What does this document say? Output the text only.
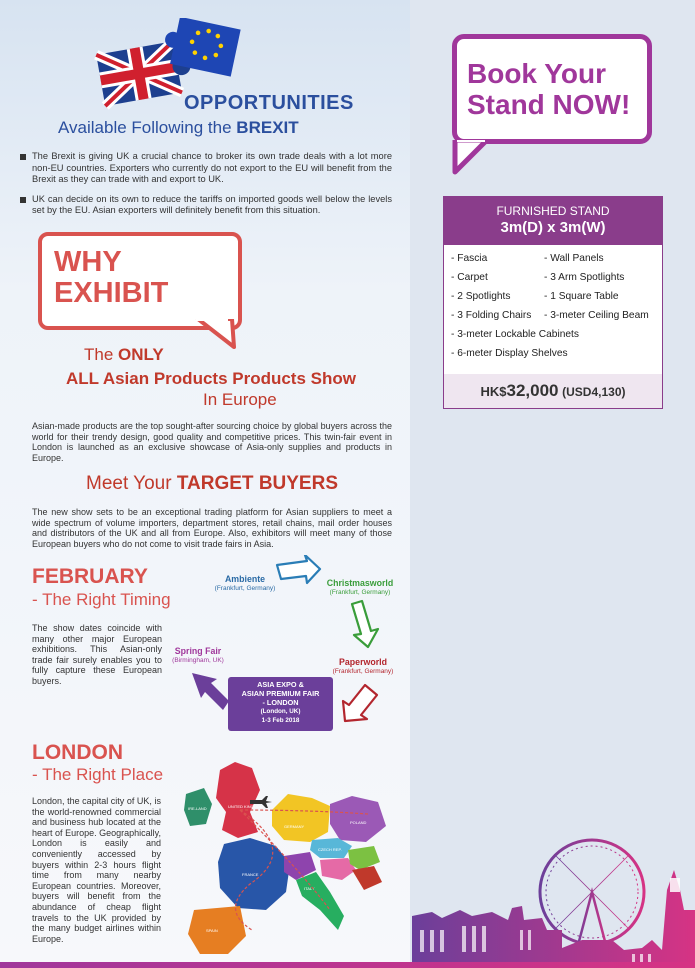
OPPORTUNITIES
Available Following the BREXIT
The Brexit is giving UK a crucial chance to broker its own trade deals with a lot more non-EU countries. Exporters who currently do not export to the EU will benefit from the Brexit as they can trade with and export to UK.
UK can decide on its own to reduce the tariffs on imported goods well below the levels set by the EU. Asian exporters will definitely benefit from this situation.
WHY
EXHIBIT
The ONLY
ALL Asian Products Products Show
In Europe
Asian-made products are the top sought-after sourcing choice by global buyers across the world for their trendy design, good quality and competitive prices. This twin-fair event in London is launched as an exclusive showcase of Asia-only supplies and products in Europe.
Meet Your TARGET BUYERS
The new show sets to be an exceptional trading platform for Asian suppliers to meet a wide spectrum of volume importers, department stores, retail chains, mail order houses and distributors of the UK and all from Europe. Also, exhibitors will meet many of those European buyers who do not come to visit trade fairs in Asia.
FEBRUARY
- The Right Timing
The show dates coincide with many other major European exhibitions. This Asian-only trade fair surely enables you to fully capture these European buyers.
Ambiente
(Frankfurt, Germany)
Christmasworld
(Frankfurt, Germany)
Paperworld
(Frankfurt, Germany)
Spring Fair
(Birmingham, UK)
ASIA EXPO &
ASIAN PREMIUM FAIR
- LONDON
(London, UK)
1-3 Feb 2018
LONDON
- The Right Place
London, the capital city of UK, is the world-renowned commercial and business hub located at the heart of Europe. Geographically, London is easily and conveniently accessed by buyers within 2-3 hours flight time from many nearby European countries. Moreover, buyers will benefit from the abundance of cheap flight travels to the UK provided by the many budget airlines within Europe.
UNITED KINGDOM
IRE-LAND
GERMANY
POLAND
FRANCE
CZECH REP.
SPAIN
ITALY
Book Your
Stand NOW!
FURNISHED STAND
3m(D) x 3m(W)
- Fascia	- Wall Panels
- Carpet	- 3 Arm Spotlights
- 2 Spotlights	- 1 Square Table
- 3 Folding Chairs	- 3-meter Ceiling Beam
- 3-meter Lockable Cabinets
- 6-meter Display Shelves
HK$32,000 (USD4,130)
